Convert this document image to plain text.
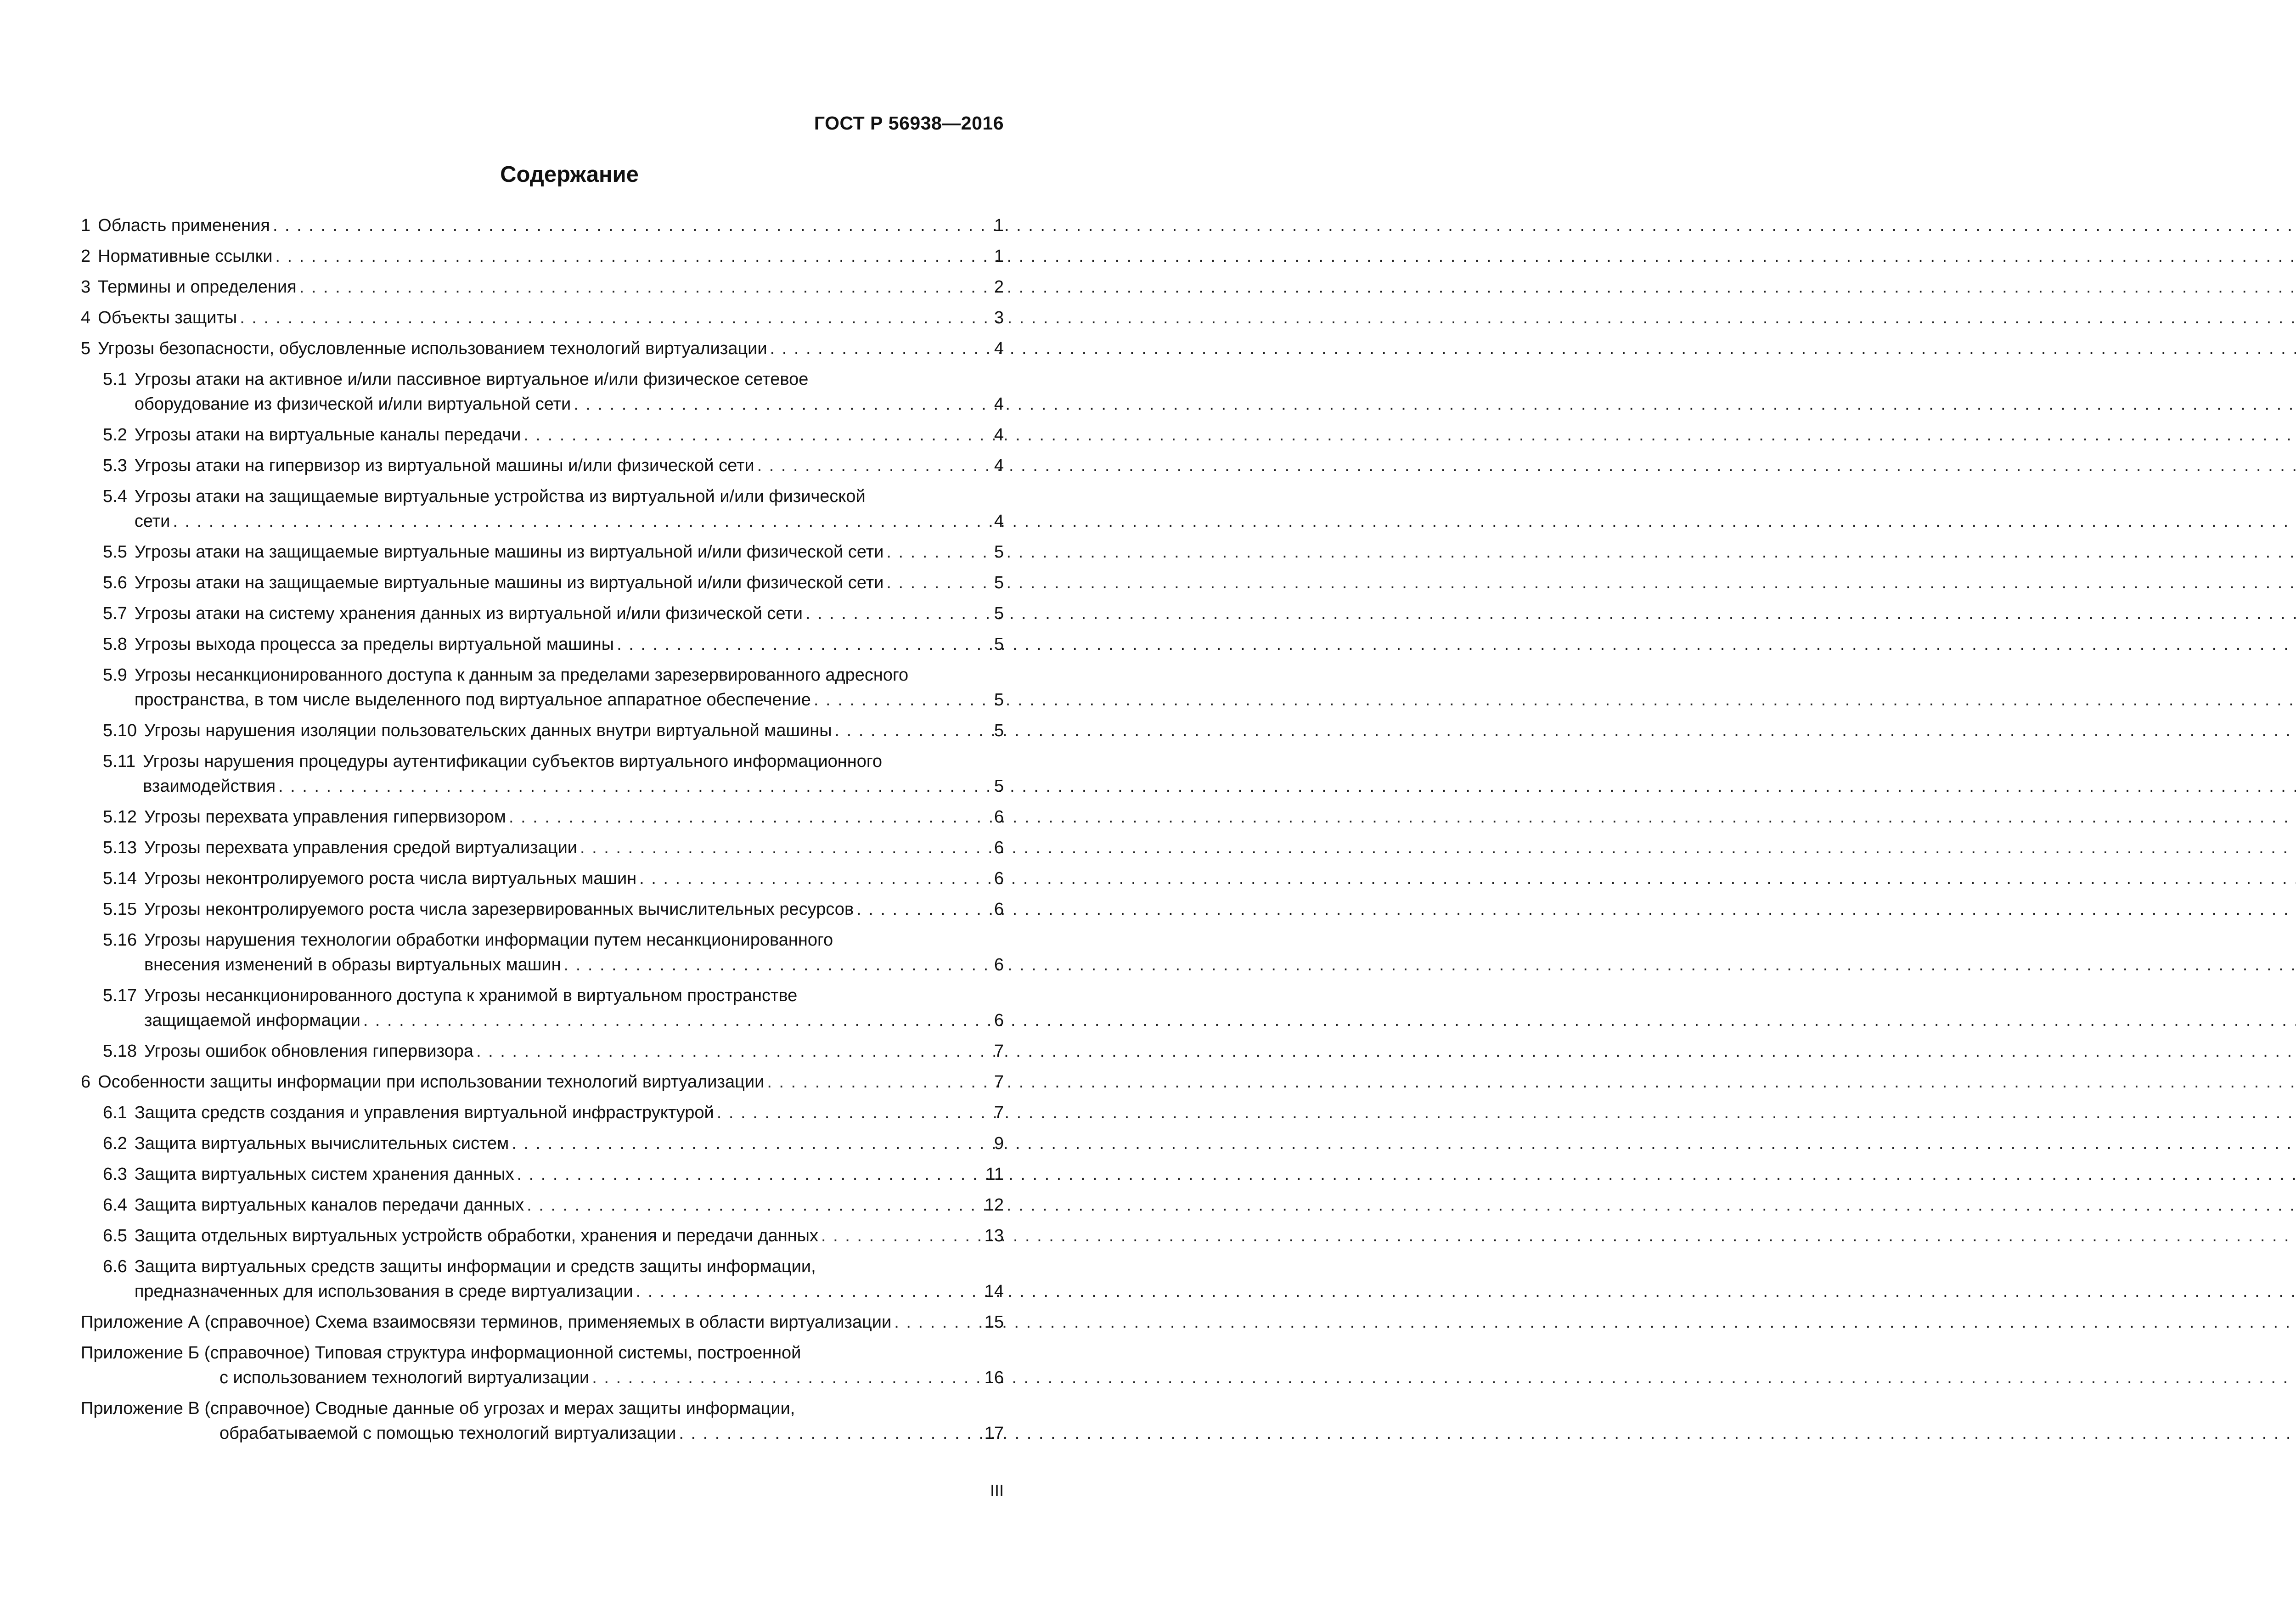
ГОСТ Р 56938—2016
Содержание
1 Область применения . . .	1
2 Нормативные ссылки . . .	1
3 Термины и определения . . .	2
4 Объекты защиты . . .	3
5 Угрозы безопасности, обусловленные использованием технологий виртуализации . . .	4
5.1 Угрозы атаки на активное и/или пассивное виртуальное и/или физическое сетевое
оборудование из физической и/или виртуальной сети . . .	4
5.2 Угрозы атаки на виртуальные каналы передачи . . .	4
5.3 Угрозы атаки на гипервизор из виртуальной машины и/или физической сети . . .	4
5.4 Угрозы атаки на защищаемые виртуальные устройства из виртуальной и/или физической
сети . . .	4
5.5 Угрозы атаки на защищаемые виртуальные машины из виртуальной и/или физической сети . . .	5
5.6 Угрозы атаки на защищаемые виртуальные машины из виртуальной и/или физической сети . . .	5
5.7 Угрозы атаки на систему хранения данных из виртуальной и/или физической сети . . .	5
5.8 Угрозы выхода процесса за пределы виртуальной машины . . .	5
5.9 Угрозы несанкционированного доступа к данным за пределами зарезервированного адресного
пространства, в том числе выделенного под виртуальное аппаратное обеспечение . . .	5
5.10 Угрозы нарушения изоляции пользовательских данных внутри виртуальной машины . . .	5
5.11 Угрозы нарушения процедуры аутентификации субъектов виртуального информационного
взаимодействия . . .	5
5.12 Угрозы перехвата управления гипервизором . . .	6
5.13 Угрозы перехвата управления средой виртуализации . . .	6
5.14 Угрозы неконтролируемого роста числа виртуальных машин . . .	6
5.15 Угрозы неконтролируемого роста числа зарезервированных вычислительных ресурсов . . .	6
5.16 Угрозы нарушения технологии обработки информации путем несанкционированного
внесения изменений в образы виртуальных машин . . .	6
5.17 Угрозы несанкционированного доступа к хранимой в виртуальном пространстве
защищаемой информации . . .	6
5.18 Угрозы ошибок обновления гипервизора . . .	7
6 Особенности защиты информации при использовании технологий виртуализации . . .	7
6.1 Защита средств создания и управления виртуальной инфраструктурой . . .	7
6.2 Защита виртуальных вычислительных систем . . .	9
6.3 Защита виртуальных систем хранения данных . . .	11
6.4 Защита виртуальных каналов передачи данных . . .	12
6.5 Защита отдельных виртуальных устройств обработки, хранения и передачи данных . . .	13
6.6 Защита виртуальных средств защиты информации и средств защиты информации,
предназначенных для использования в среде виртуализации . . .	14
Приложение А (справочное) Схема взаимосвязи терминов, применяемых в области виртуализации . . .	15
Приложение Б (справочное) Типовая структура информационной системы, построенной
с использованием технологий виртуализации . . .	16
Приложение В (справочное) Сводные данные об угрозах и мерах защиты информации,
обрабатываемой с помощью технологий виртуализации . . .	17
III
